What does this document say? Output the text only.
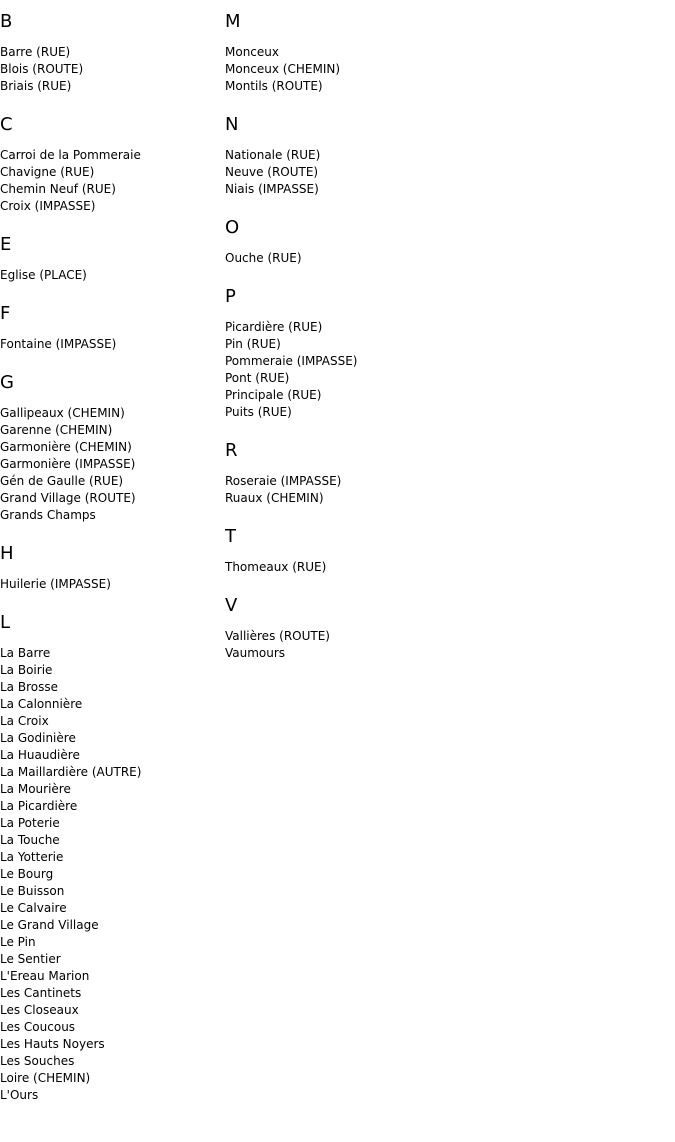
B
Barre (RUE)
Blois (ROUTE)
Briais (RUE)
C
Carroi de la Pommeraie
Chavigne (RUE)
Chemin Neuf (RUE)
Croix (IMPASSE)
E
Eglise (PLACE)
F
Fontaine (IMPASSE)
G
Gallipeaux (CHEMIN)
Garenne (CHEMIN)
Garmonière (CHEMIN)
Garmonière (IMPASSE)
Gén de Gaulle (RUE)
Grand Village (ROUTE)
Grands Champs
H
Huilerie (IMPASSE)
L
La Barre
La Boirie
La Brosse
La Calonnière
La Croix
La Godinière
La Huaudière
La Maillardière (AUTRE)
La Mourière
La Picardière
La Poterie
La Touche
La Yotterie
Le Bourg
Le Buisson
Le Calvaire
Le Grand Village
Le Pin
Le Sentier
L'Ereau Marion
Les Cantinets
Les Closeaux
Les Coucous
Les Hauts Noyers
Les Souches
Loire (CHEMIN)
L'Ours
M
Monceux
Monceux (CHEMIN)
Montils (ROUTE)
N
Nationale (RUE)
Neuve (ROUTE)
Niais (IMPASSE)
O
Ouche (RUE)
P
Picardière (RUE)
Pin (RUE)
Pommeraie (IMPASSE)
Pont (RUE)
Principale (RUE)
Puits (RUE)
R
Roseraie (IMPASSE)
Ruaux (CHEMIN)
T
Thomeaux (RUE)
V
Vallières (ROUTE)
Vaumours
